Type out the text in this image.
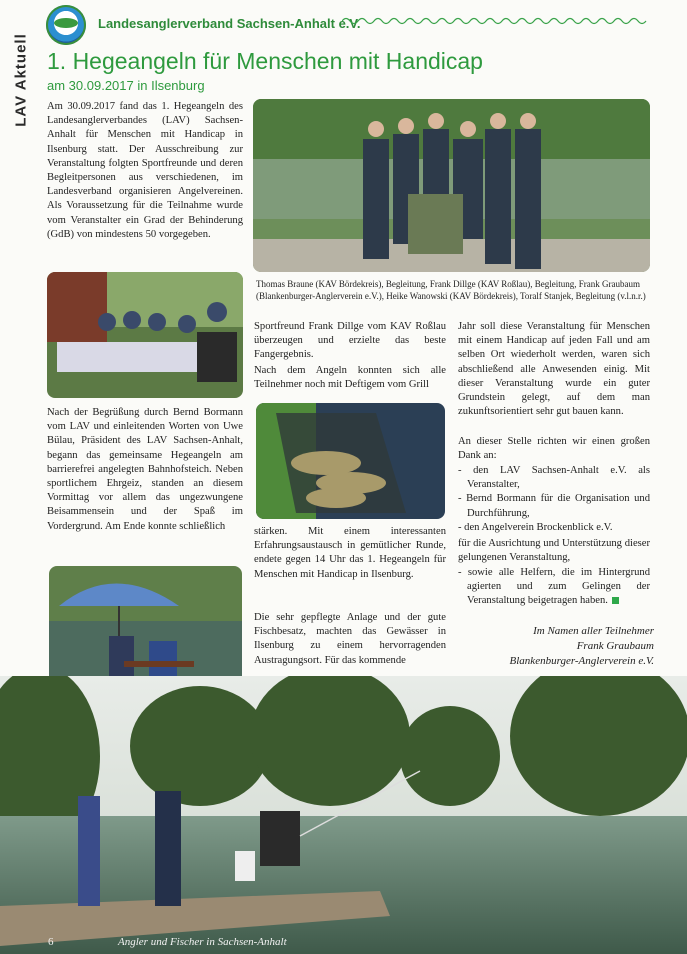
Landesanglerverband Sachsen-Anhalt e.V.
LAV Aktuell 1. Hegeangeln für Menschen mit Handicap
am 30.09.2017 in Ilsenburg
Am 30.09.2017 fand das 1. Hegeangeln des Landesanglerverbandes (LAV) Sachsen-Anhalt für Menschen mit Handicap in Ilsenburg statt. Der Ausschreibung zur Veranstaltung folgten Sportfreunde und deren Begleitpersonen aus verschiedenen, im Landesverband organisieren Angelvereinen. Als Voraussetzung für die Teilnahme wurde vom Veranstalter ein Grad der Behinderung (GdB) von mindestens 50 vorgegeben.
Thomas Braune (KAV Bördekreis), Begleitung, Frank Dillge (KAV Roßlau), Begleitung, Frank Graubaum (Blankenburger-Anglerverein e.V.), Heike Wanowski (KAV Bördekreis), Toralf Stanjek, Begleitung (v.l.n.r.)
Nach der Begrüßung durch Bernd Bormann vom LAV und einleitenden Worten von Uwe Bülau, Präsident des LAV Sachsen-Anhalt, begann das gemeinsame Hegeangeln am barrierefrei angelegten Bahnhofsteich. Neben sportlichem Ehrgeiz, standen an diesem Vormittag vor allem das ungezwungene Beisammensein und der Spaß im Vordergrund. Am Ende konnte schließlich
Sportfreund Frank Dillge vom KAV Roßlau überzeugen und erzielte das beste Fangergebnis.
Nach dem Angeln konnten sich alle Teilnehmer noch mit Deftigem vom Grill
stärken. Mit einem interessanten Erfahrungsaustausch in gemütlicher Runde, endete gegen 14 Uhr das 1. Hegeangeln für Menschen mit Handicap in Ilsenburg.
Die sehr gepflegte Anlage und der gute Fischbesatz, machten das Gewässer in Ilsenburg zu einem hervorragenden Austragungsort. Für das kommende
Jahr soll diese Veranstaltung für Menschen mit einem Handicap auf jeden Fall und am selben Ort wiederholt werden, waren sich abschließend alle Anwesenden einig. Mit dieser Veranstaltung wurde ein guter Grundstein gelegt, auf dem man zukunftsorientiert sehr gut bauen kann.
An dieser Stelle richten wir einen großen Dank an:
- den LAV Sachsen-Anhalt e.V. als Veranstalter,
- Bernd Bormann für die Organisation und Durchführung,
- den Angelverein Brockenblick e.V.
für die Ausrichtung und Unterstützung dieser gelungenen Veranstaltung,
- sowie alle Helfern, die im Hintergrund agierten und zum Gelingen der Veranstaltung beigetragen haben.
Im Namen aller Teilnehmer
Frank Graubaum
Blankenburger-Anglerverein e.V.
6	Angler und Fischer in Sachsen-Anhalt
